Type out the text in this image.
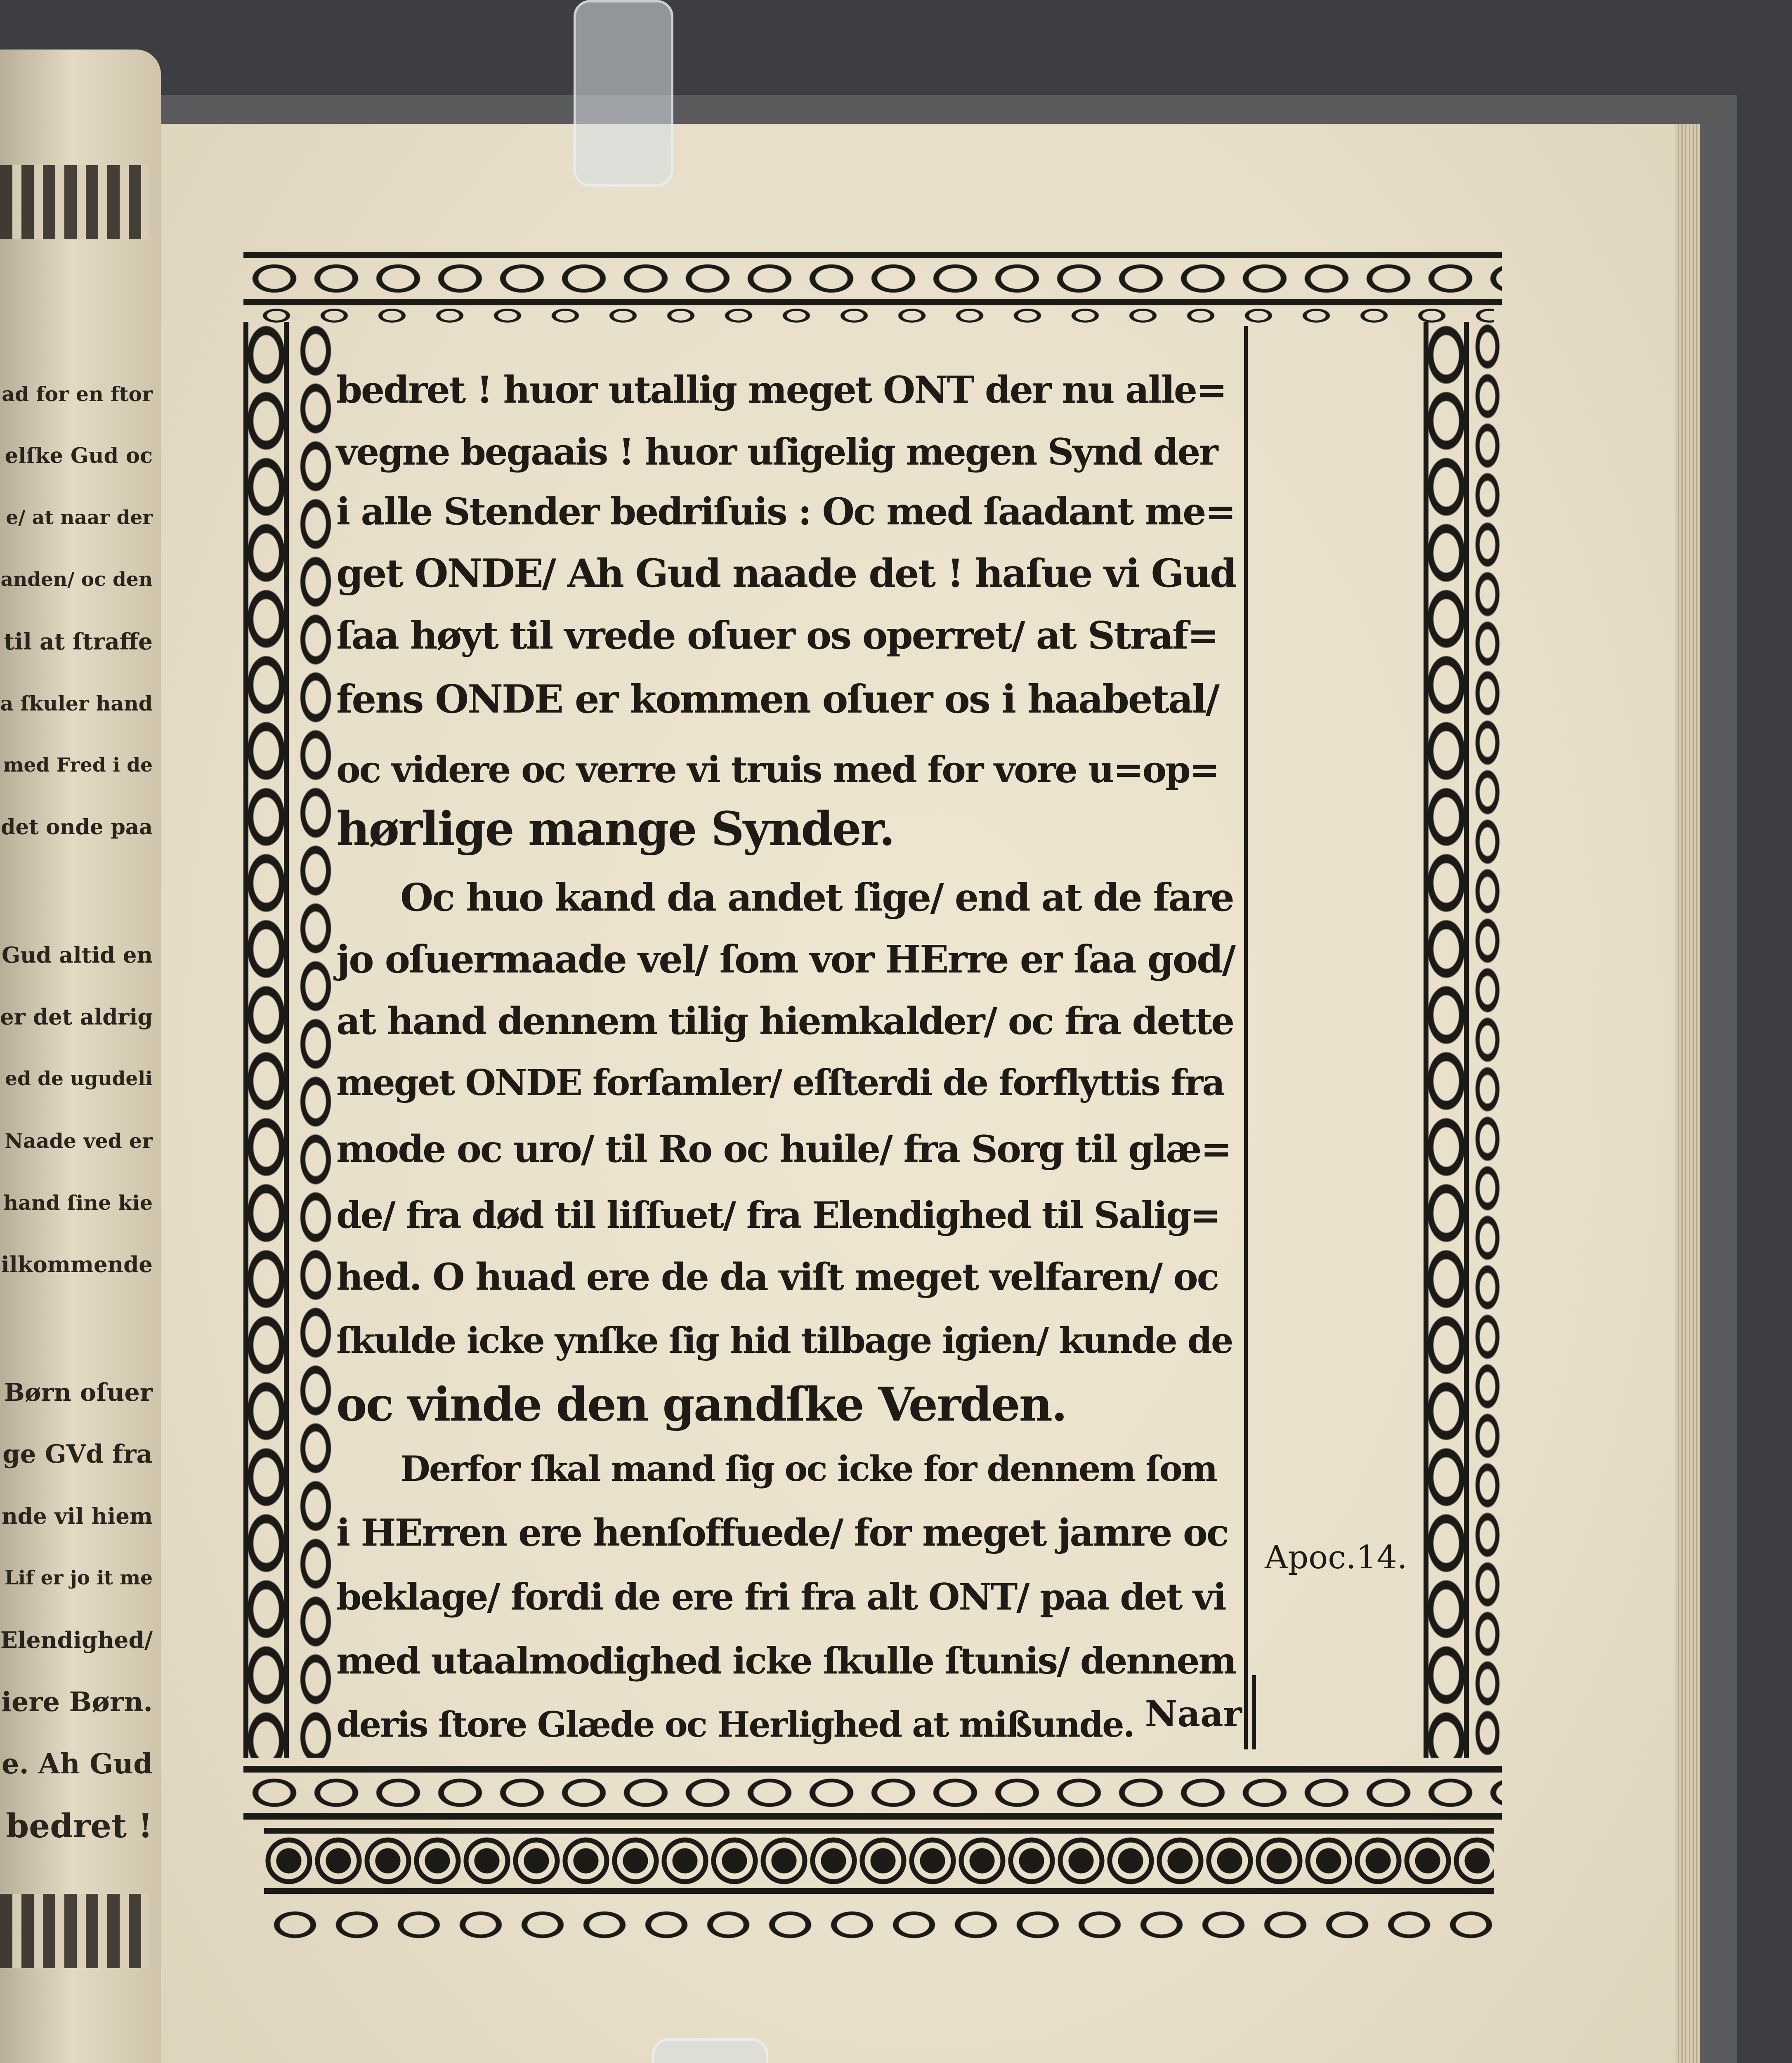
ad for en ftor
elſke Gud oc
e/ at naar der
anden/ oc den
til at ſtraffe
a ſkuler hand
med Fred i de
det onde paa
Gud altid en
er det aldrig
ed de ugudeli
Naade ved er
hand ſine kie
ilkommende
Børn oſuer
ge GVd fra
nde vil hiem
Lif er jo it me
Elendighed/
iere Børn.
e. Ah Gud
bedret !
bedret ! huor utallig meget ONT der nu alle=
vegne begaais ! huor uſigelig megen Synd der
i alle Stender bedriſuis : Oc med ſaadant me=
get ONDE/ Ah Gud naade det ! haſue vi Gud
ſaa høyt til vrede oſuer os operret/ at Straf=
fens ONDE er kommen oſuer os i haabetal/
oc videre oc verre vi truis med for vore u=op=
hørlige mange Synder.
Oc huo kand da andet ſige/ end at de fare
jo oſuermaade vel/ ſom vor HErre er ſaa god/
at hand dennem tilig hiemkalder/ oc fra dette
meget ONDE forſamler/ eſſterdi de forflyttis fra
mode oc uro/ til Ro oc huile/ fra Sorg til glæ=
de/ fra død til liſſuet/ fra Elendighed til Salig=
hed. O huad ere de da viſt meget velfaren/ oc
ſkulde icke ynſke ſig hid tilbage igien/ kunde de
oc vinde den gandſke Verden.
Derfor ſkal mand ſig oc icke for dennem ſom
i HErren ere henſoffuede/ for meget jamre oc
beklage/ fordi de ere fri fra alt ONT/ paa det vi
med utaalmodighed icke ſkulle ſtunis/ dennem
deris ſtore Glæde oc Herlighed at mißunde.
Apoc.14.
Naar
